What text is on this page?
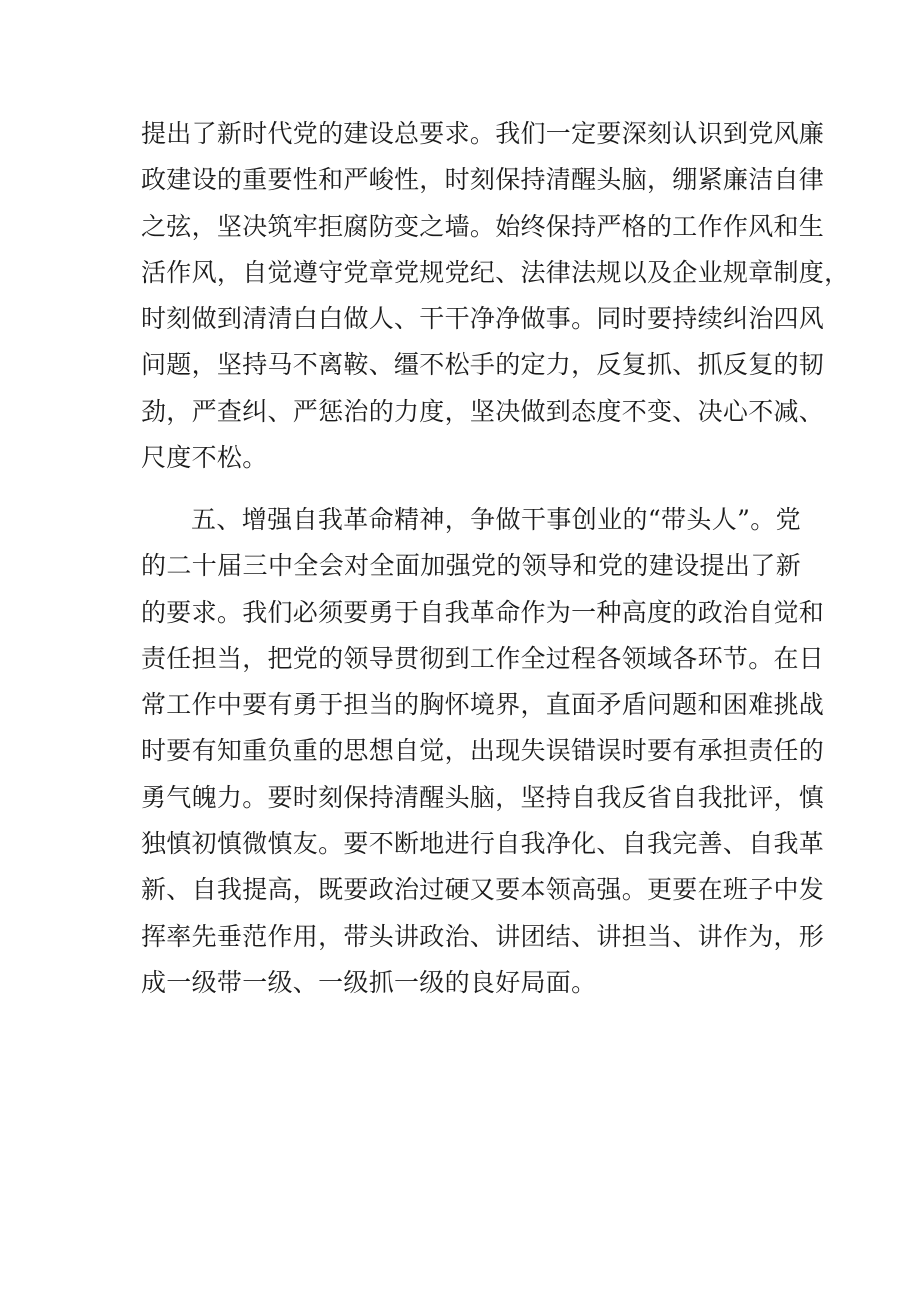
提出了新时代党的建设总要求。我们一定要深刻认识到党风廉
政建设的重要性和严峻性，时刻保持清醒头脑，绷紧廉洁自律
之弦，坚决筑牢拒腐防变之墙。始终保持严格的工作作风和生
活作风，自觉遵守党章党规党纪、法律法规以及企业规章制度，
时刻做到清清白白做人、干干净净做事。同时要持续纠治四风
问题，坚持马不离鞍、缰不松手的定力，反复抓、抓反复的韧
劲，严查纠、严惩治的力度，坚决做到态度不变、决心不减、
尺度不松。
五、增强自我革命精神，争做干事创业的“带头人”。党
的二十届三中全会对全面加强党的领导和党的建设提出了新
的要求。我们必须要勇于自我革命作为一种高度的政治自觉和
责任担当，把党的领导贯彻到工作全过程各领域各环节。在日
常工作中要有勇于担当的胸怀境界，直面矛盾问题和困难挑战
时要有知重负重的思想自觉，出现失误错误时要有承担责任的
勇气魄力。要时刻保持清醒头脑，坚持自我反省自我批评，慎
独慎初慎微慎友。要不断地进行自我净化、自我完善、自我革
新、自我提高，既要政治过硬又要本领高强。更要在班子中发
挥率先垂范作用，带头讲政治、讲团结、讲担当、讲作为，形
成一级带一级、一级抓一级的良好局面。
